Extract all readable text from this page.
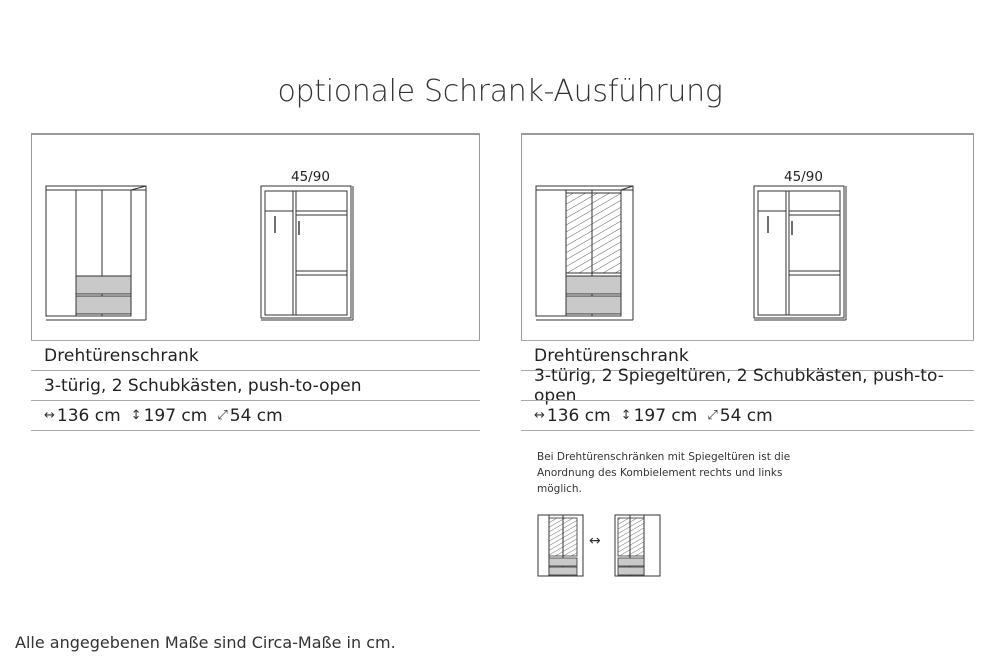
optionale Schrank-Ausführung
45/90
Drehtürenschrank
3-türig, 2 Schubkästen, push-to-open
↔ 136 cm ↕ 197 cm ⤢ 54 cm
45/90
Drehtürenschrank
3-türig, 2 Spiegeltüren, 2 Schubkästen, push-to-open
↔ 136 cm ↕ 197 cm ⤢ 54 cm
Bei Drehtürenschränken mit Spiegeltüren ist die Anordnung des Kombielement rechts und links möglich.
↔
Alle angegebenen Maße sind Circa-Maße in cm.
